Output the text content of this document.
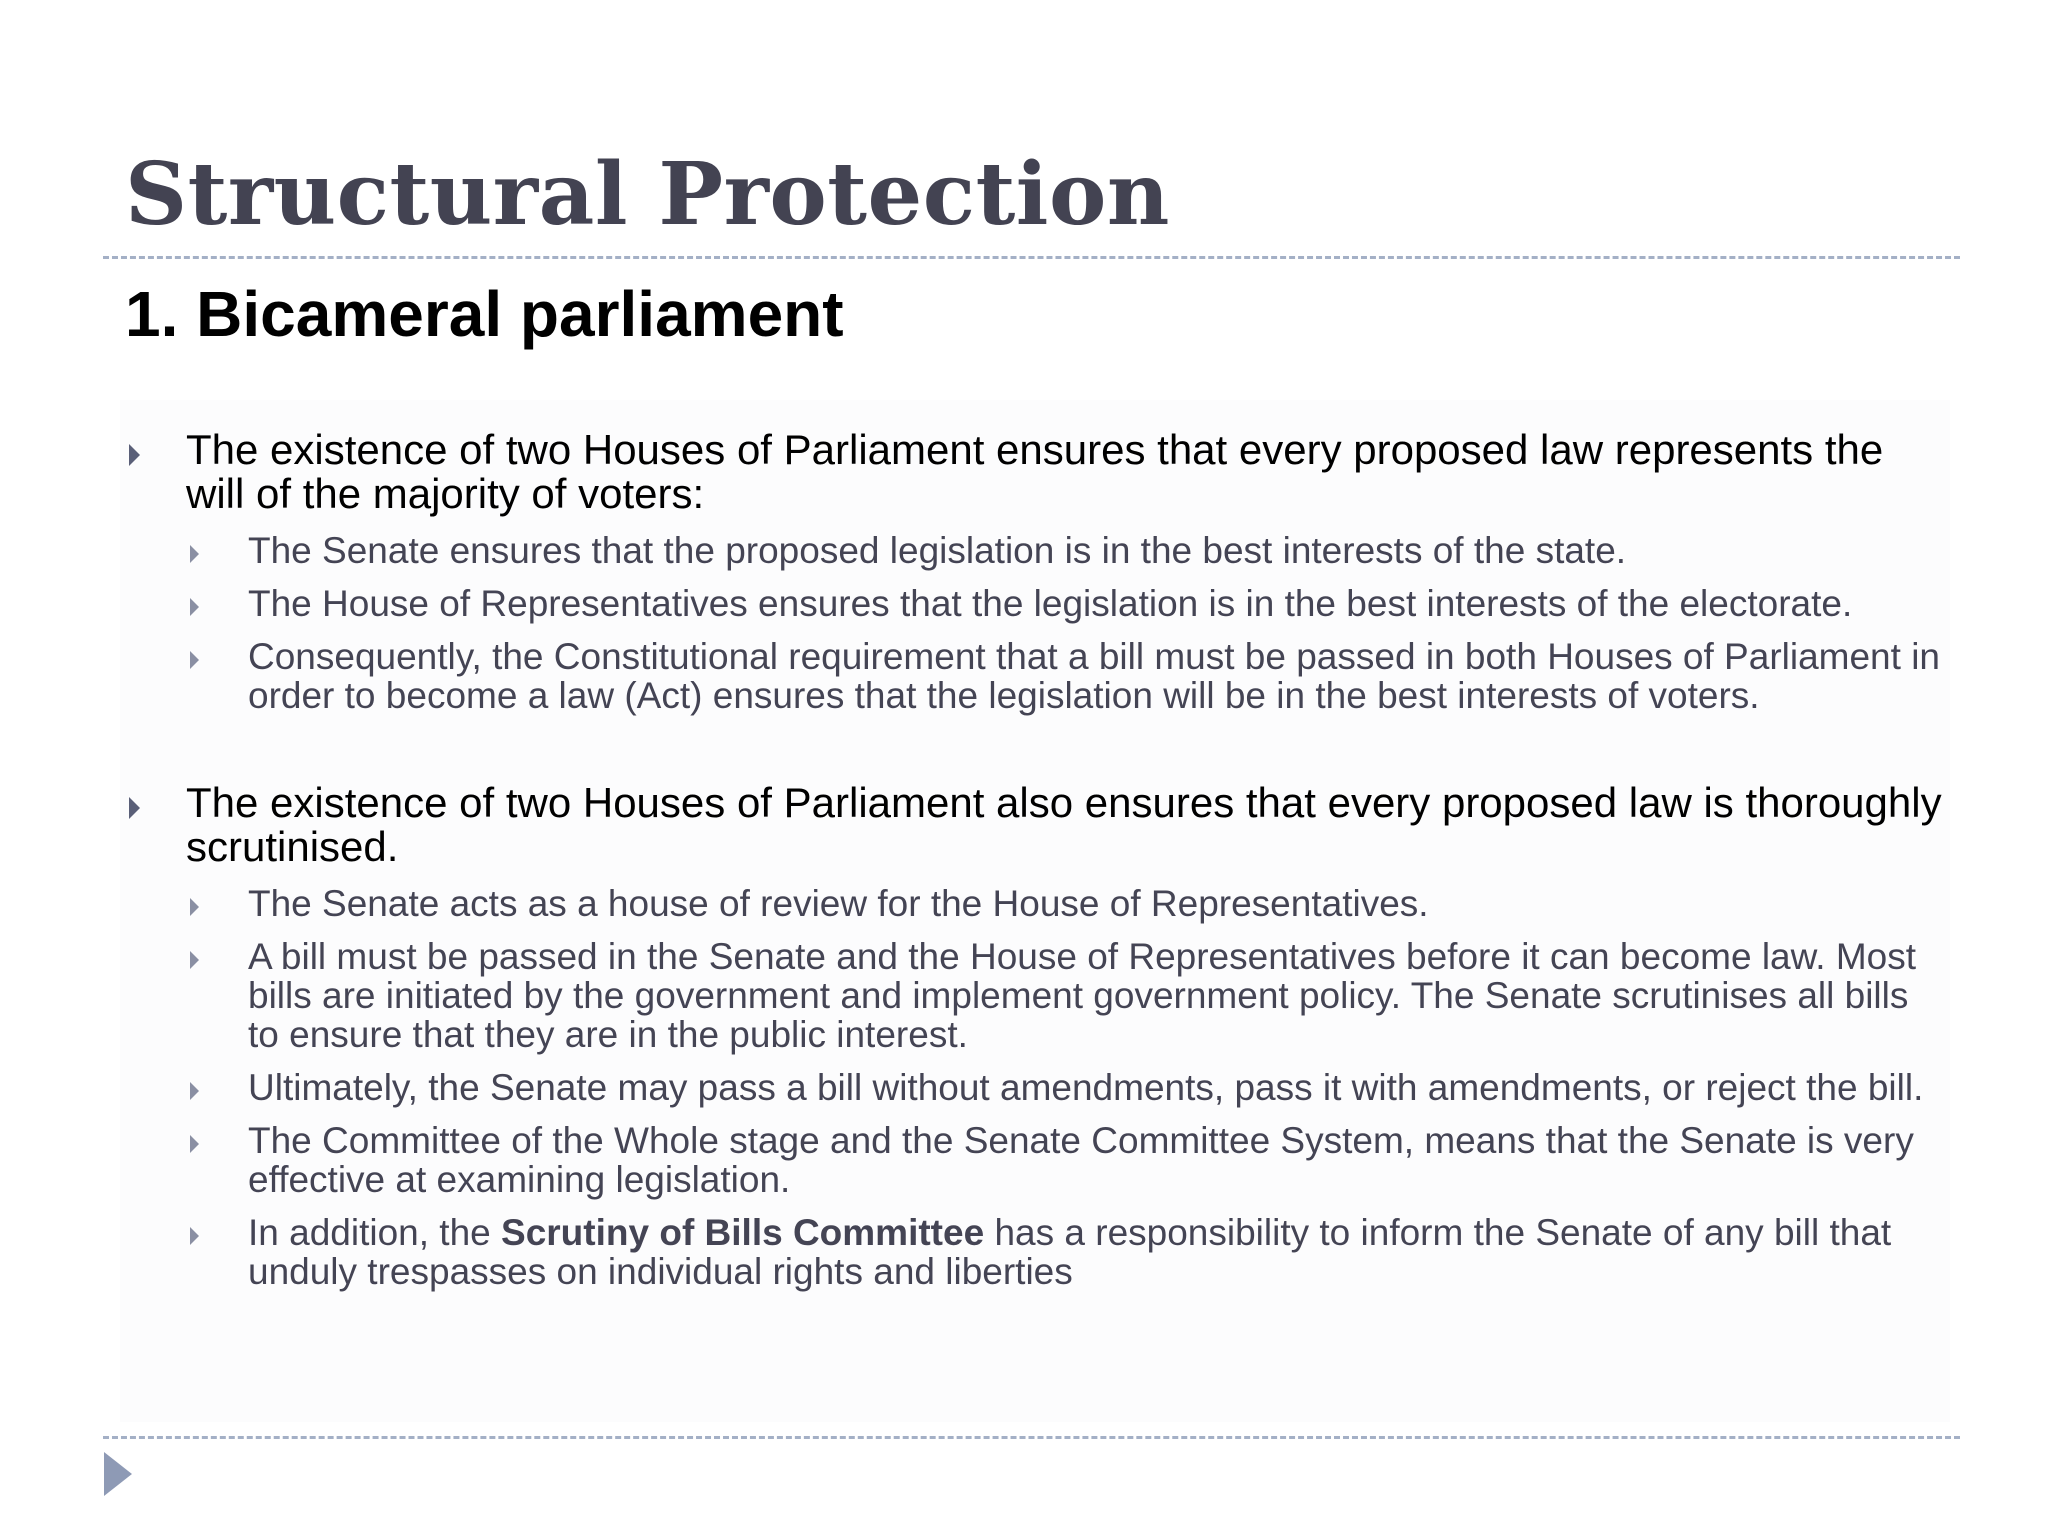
Structural Protection
1. Bicameral parliament
The existence of two Houses of Parliament ensures that every proposed law represents the will of the majority of voters:
The Senate ensures that the proposed legislation is in the best interests of the state.
The House of Representatives ensures that the legislation is in the best interests of the electorate.
Consequently, the Constitutional requirement that a bill must be passed in both Houses of Parliament in order to become a law (Act) ensures that the legislation will be in the best interests of voters.
The existence of two Houses of Parliament also ensures that every proposed law is thoroughly scrutinised.
The Senate acts as a house of review for the House of Representatives.
A bill must be passed in the Senate and the House of Representatives before it can become law. Most bills are initiated by the government and implement government policy. The Senate scrutinises all bills to ensure that they are in the public interest.
Ultimately, the Senate may pass a bill without amendments, pass it with amendments, or reject the bill.
The Committee of the Whole stage and the Senate Committee System, means that the Senate is very effective at examining legislation.
In addition, the Scrutiny of Bills Committee has a responsibility to inform the Senate of any bill that unduly trespasses on individual rights and liberties
